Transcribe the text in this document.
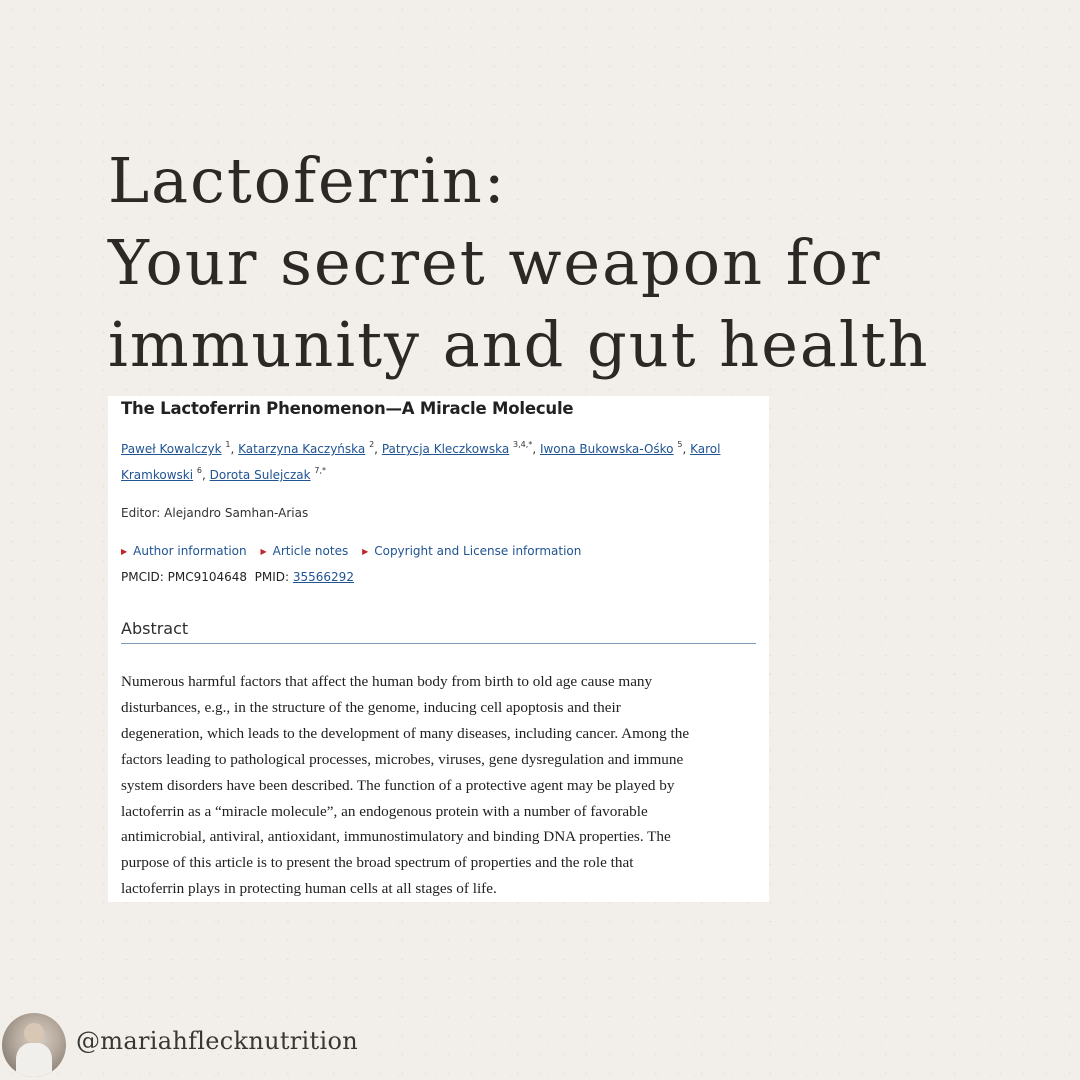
Lactoferrin:
Your secret weapon for
immunity and gut health
The Lactoferrin Phenomenon—A Miracle Molecule
Paweł Kowalczyk $^1$, Katarzyna Kaczyńska $^2$, Patrycja Kleczkowska $^{3,4,*}$, Iwona Bukowska-Ośko $^5$, Karol
Kramkowski $^6$, Dorota Sulejczak $^{7,*}$
Editor: Alejandro Samhan-Arias
▶ Author information ▶ Article notes ▶ Copyright and License information
PMCID: PMC9104648  PMID: 35566292
Abstract

Numerous harmful factors that affect the human body from birth to old age cause many
disturbances, e.g., in the structure of the genome, inducing cell apoptosis and their
degeneration, which leads to the development of many diseases, including cancer. Among the
factors leading to pathological processes, microbes, viruses, gene dysregulation and immune
system disorders have been described. The function of a protective agent may be played by
lactoferrin as a “miracle molecule”, an endogenous protein with a number of favorable
antimicrobial, antiviral, antioxidant, immunostimulatory and binding DNA properties. The
purpose of this article is to present the broad spectrum of properties and the role that
lactoferrin plays in protecting human cells at all stages of life.

@mariahflecknutrition
